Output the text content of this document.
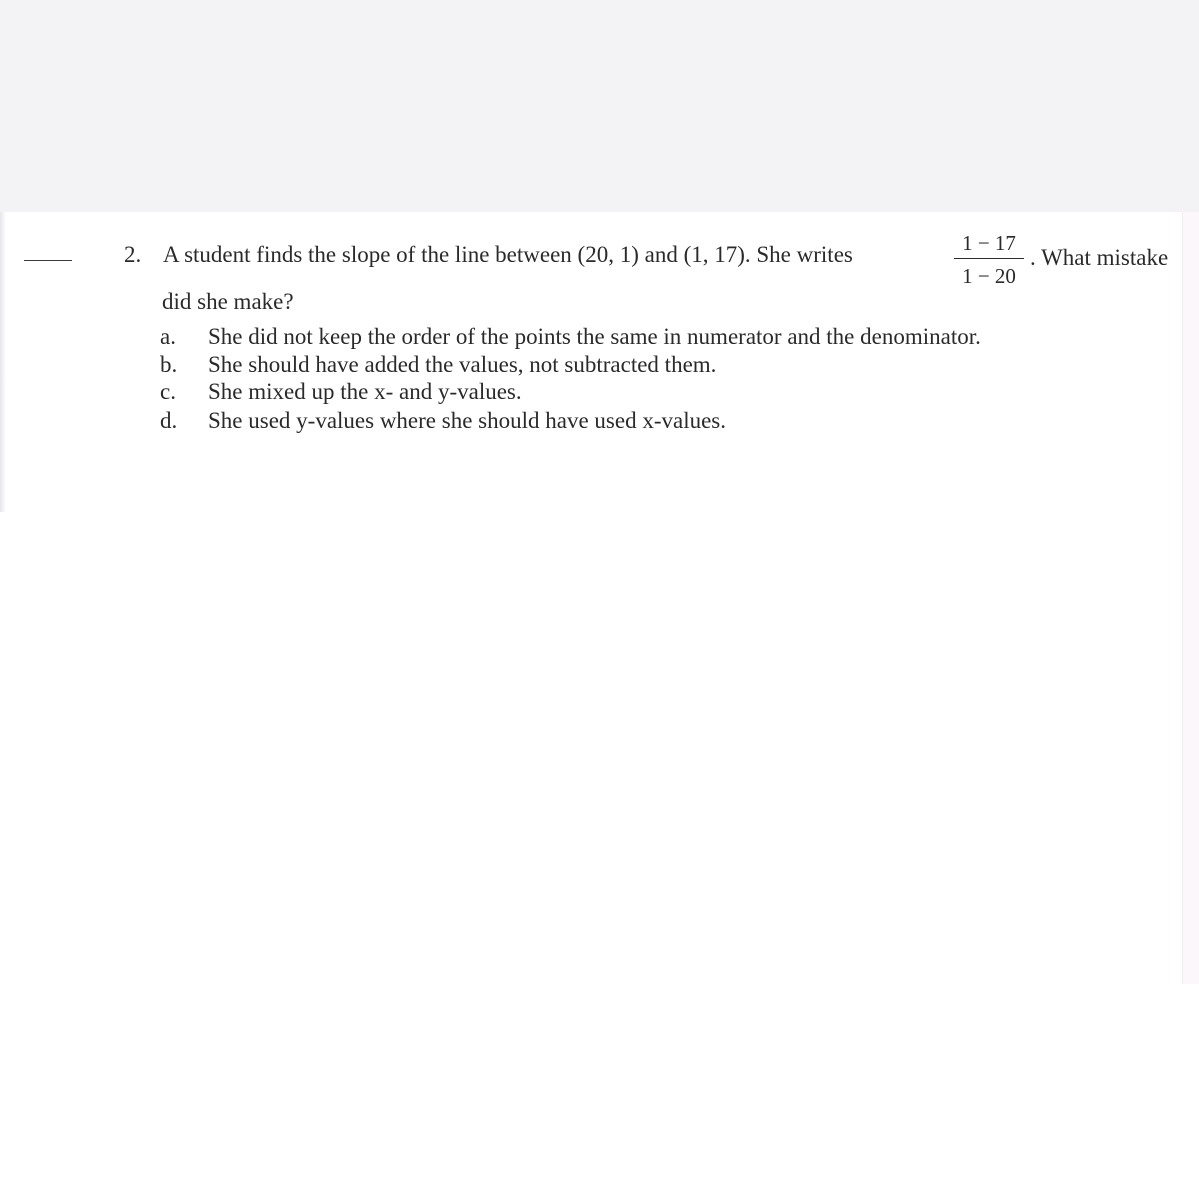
2. A student finds the slope of the line between (20, 1) and (1, 17). She writes	1 − 17
1 − 20
. What mistake
did she make?
a. She did not keep the order of the points the same in numerator and the denominator.
b. She should have added the values, not subtracted them.
c. She mixed up the x- and y-values.
d. She used y-values where she should have used x-values.
